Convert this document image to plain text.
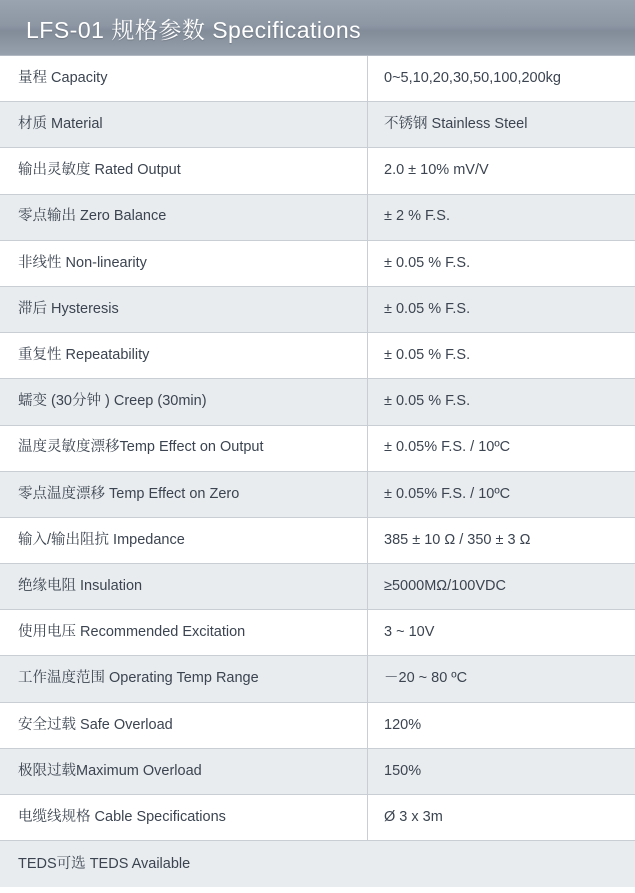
LFS-01 规格参数 Specifications
量程 Capacity	0~5,10,20,30,50,100,200kg
材质 Material	不锈钢 Stainless Steel
输出灵敏度 Rated Output	2.0 ± 10% mV/V
零点输出 Zero Balance	± 2 % F.S.
非线性 Non-linearity	± 0.05 % F.S.
滞后 Hysteresis	± 0.05 % F.S.
重复性 Repeatability	± 0.05 % F.S.
蠕变 (30分钟 ) Creep (30min)	± 0.05 % F.S.
温度灵敏度漂移Temp Effect on Output	± 0.05% F.S. / 10ºC
零点温度漂移 Temp Effect on Zero	± 0.05% F.S. / 10ºC
输入/输出阻抗 Impedance	385 ± 10 Ω / 350 ± 3 Ω
绝缘电阻 Insulation	≥5000MΩ/100VDC
使用电压 Recommended Excitation	3 ~ 10V
工作温度范围 Operating Temp Range	－20 ~ 80 ºC
安全过载 Safe Overload	120%
极限过载Maximum Overload	150%
电缆线规格 Cable Specifications	Ø 3 x 3m
TEDS可选 TEDS Available
